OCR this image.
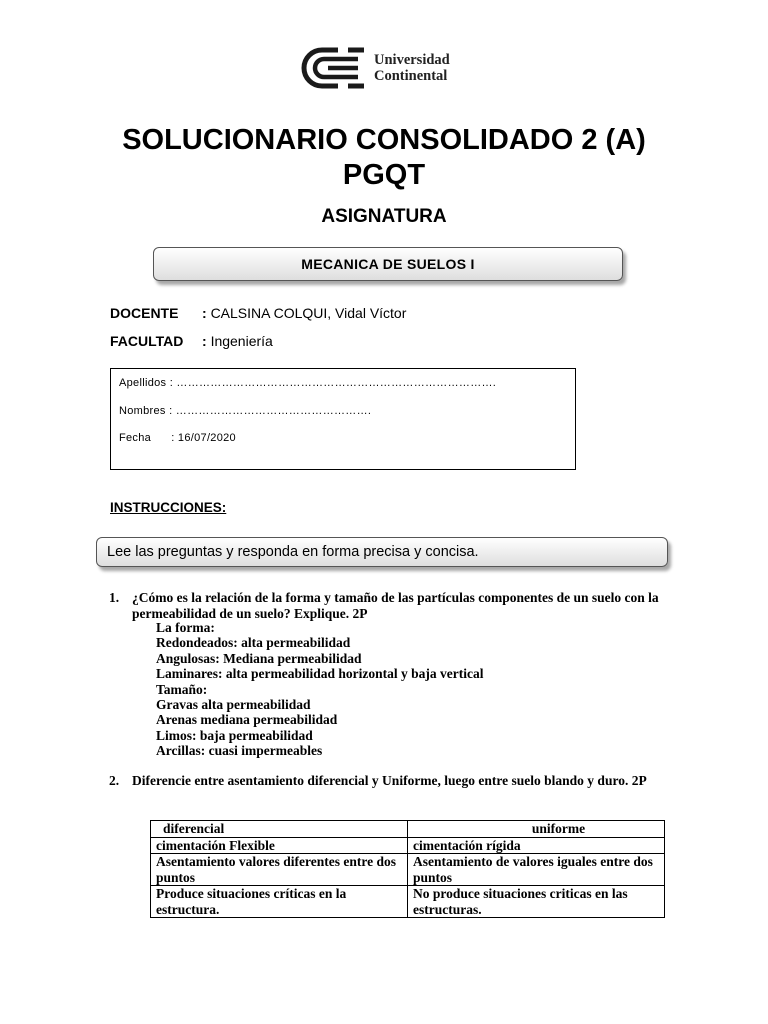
Universidad
Continental
SOLUCIONARIO CONSOLIDADO 2 (A)
PGQT
ASIGNATURA
MECANICA DE SUELOS I
DOCENTE : CALSINA COLQUI, Vidal Víctor
FACULTAD : Ingeniería
Apellidos : ………………………………………………………………………….
Nombres : …………………………………………….
Fecha      : 16/07/2020
INSTRUCCIONES:
Lee las preguntas y responda en forma precisa y concisa.
1. ¿Cómo es la relación de la forma y tamaño de las partículas componentes de un suelo con la permeabilidad de un suelo? Explique. 2P
La forma:
Redondeados: alta permeabilidad
Angulosas: Mediana permeabilidad
Laminares: alta permeabilidad horizontal y baja vertical
Tamaño:
Gravas alta permeabilidad
Arenas mediana permeabilidad
Limos: baja permeabilidad
Arcillas: cuasi impermeables
2. Diferencie entre asentamiento diferencial y Uniforme, luego entre suelo blando y duro. 2P
diferencial	uniforme
cimentación Flexible	cimentación rígida
Asentamiento valores diferentes entre dos puntos	Asentamiento de valores iguales entre dos puntos
Produce situaciones críticas en la estructura.	No produce situaciones criticas en las estructuras.
